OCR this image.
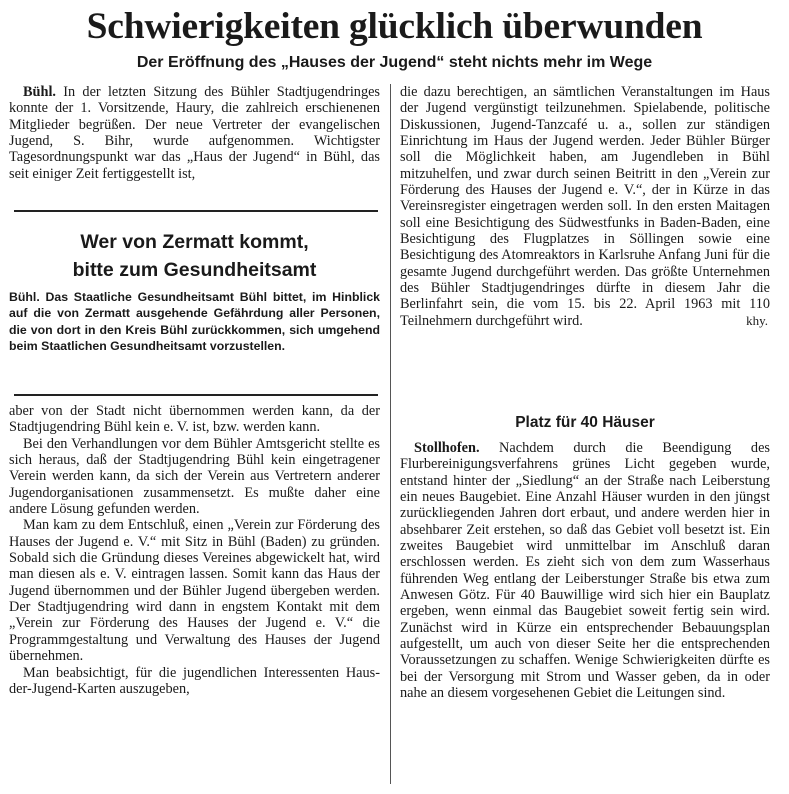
Schwierigkeiten glücklich überwunden
Der Eröffnung des „Hauses der Jugend“ steht nichts mehr im Wege

Bühl. In der letzten Sitzung des Bühler Stadtjugendringes konnte der 1. Vorsitzende, Haury, die zahlreich erschienenen Mitglieder begrüßen. Der neue Vertreter der evangelischen Jugend, S. Bihr, wurde aufgenommen. Wichtigster Tagesordnungspunkt war das „Haus der Jugend“ in Bühl, das seit einiger Zeit fertiggestellt ist,

Wer von Zermatt kommt,
bitte zum Gesundheitsamt

Bühl. Das Staatliche Gesundheitsamt Bühl bittet, im Hinblick auf die von Zermatt ausgehende Gefährdung aller Personen, die von dort in den Kreis Bühl zurückkommen, sich umgehend beim Staatlichen Gesundheitsamt vorzustellen.

aber von der Stadt nicht übernommen werden kann, da der Stadtjugendring Bühl kein e. V. ist, bzw. werden kann.

Bei den Verhandlungen vor dem Bühler Amtsgericht stellte es sich heraus, daß der Stadtjugendring Bühl kein eingetragener Verein werden kann, da sich der Verein aus Vertretern anderer Jugendorganisationen zusammensetzt. Es mußte daher eine andere Lösung gefunden werden.

Man kam zu dem Entschluß, einen „Verein zur Förderung des Hauses der Jugend e. V.“ mit Sitz in Bühl (Baden) zu gründen. Sobald sich die Gründung dieses Vereines abgewickelt hat, wird man diesen als e. V. eintragen lassen. Somit kann das Haus der Jugend übernommen und der Bühler Jugend übergeben werden. Der Stadtjugendring wird dann in engstem Kontakt mit dem „Verein zur Förderung des Hauses der Jugend e. V.“ die Programmgestaltung und Verwaltung des Hauses der Jugend übernehmen.

Man beabsichtigt, für die jugendlichen Interessenten Haus-der-Jugend-Karten auszugeben,

die dazu berechtigen, an sämtlichen Veranstaltungen im Haus der Jugend vergünstigt teilzunehmen. Spielabende, politische Diskussionen, Jugend-Tanzcafé u. a., sollen zur ständigen Einrichtung im Haus der Jugend werden. Jeder Bühler Bürger soll die Möglichkeit haben, am Jugendleben in Bühl mitzuhelfen, und zwar durch seinen Beitritt in den „Verein zur Förderung des Hauses der Jugend e. V.“, der in Kürze in das Vereinsregister eingetragen werden soll. In den ersten Maitagen soll eine Besichtigung des Südwestfunks in Baden-Baden, eine Besichtigung des Flugplatzes in Söllingen sowie eine Besichtigung des Atomreaktors in Karlsruhe Anfang Juni für die gesamte Jugend durchgeführt werden. Das größte Unternehmen des Bühler Stadtjugendringes dürfte in diesem Jahr die Berlinfahrt sein, die vom 15. bis 22. April 1963 mit 110 Teilnehmern durchgeführt wird.	khy.
Platz für 40 Häuser

Stollhofen. Nachdem durch die Beendigung des Flurbereinigungsverfahrens grünes Licht gegeben wurde, entstand hinter der „Siedlung“ an der Straße nach Leiberstung ein neues Baugebiet. Eine Anzahl Häuser wurden in den jüngst zurückliegenden Jahren dort erbaut, und andere werden hier in absehbarer Zeit erstehen, so daß das Gebiet voll besetzt ist. Ein zweites Baugebiet wird unmittelbar im Anschluß daran erschlossen werden. Es zieht sich von dem zum Wasserhaus führenden Weg entlang der Leiberstunger Straße bis etwa zum Anwesen Götz. Für 40 Bauwillige wird sich hier ein Bauplatz ergeben, wenn einmal das Baugebiet soweit fertig sein wird. Zunächst wird in Kürze ein entsprechender Bebauungsplan aufgestellt, um auch von dieser Seite her die entsprechenden Voraussetzungen zu schaffen. Wenige Schwierigkeiten dürfte es bei der Versorgung mit Strom und Wasser geben, da in oder nahe an diesem vorgesehenen Gebiet die Leitungen sind.
